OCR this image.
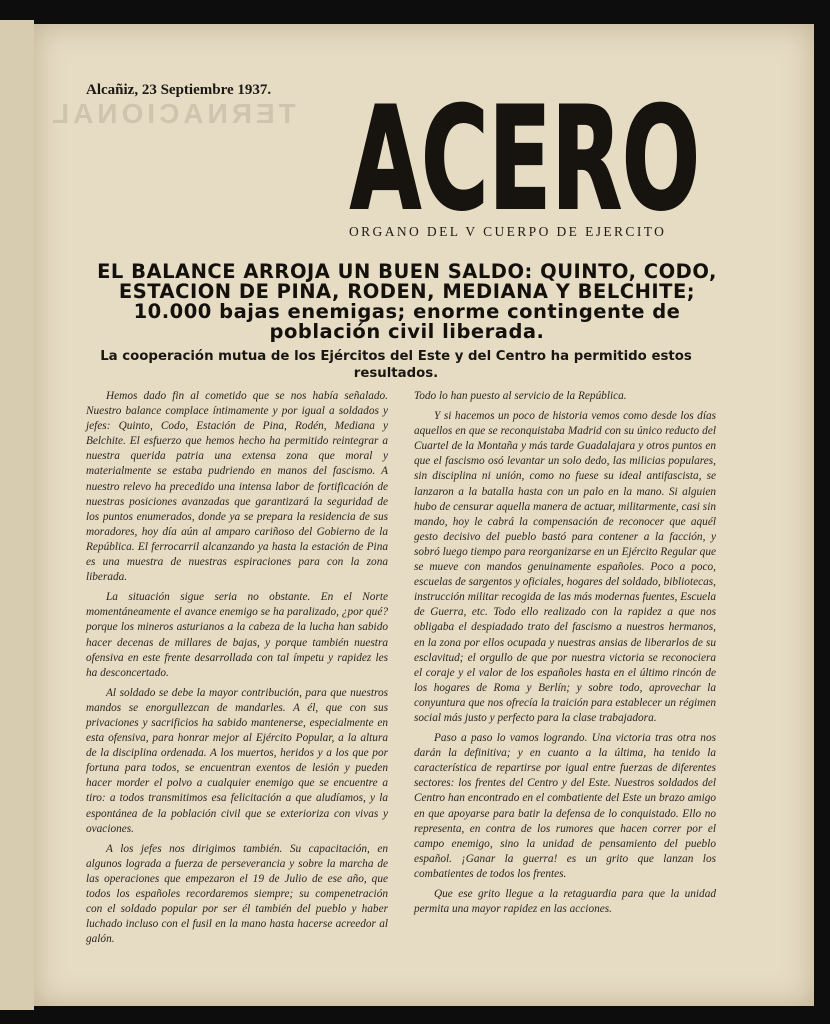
TERNACIONAL
Alcañiz, 23 Septiembre 1937. ACERO
ORGANO DEL V CUERPO DE EJERCITO
EL BALANCE ARROJA UN BUEN SALDO: QUINTO, CODO, ESTACION DE PINA, RODEN, MEDIANA Y BELCHITE; 10.000 bajas enemigas; enorme contingente de población civil liberada.
La cooperación mutua de los Ejércitos del Este y del Centro ha permitido estos resultados.

Hemos dado fin al cometido que se nos había señalado. Nuestro balance complace íntimamente y por igual a soldados y jefes: Quinto, Codo, Estación de Pina, Rodén, Mediana y Belchite. El esfuerzo que hemos hecho ha permitido reintegrar a nuestra querida patria una extensa zona que moral y materialmente se estaba pudriendo en manos del fascismo. A nuestro relevo ha precedido una intensa labor de fortificación de nuestras posiciones avanzadas que garantizará la seguridad de los puntos enumerados, donde ya se prepara la residencia de sus moradores, hoy día aún al amparo cariñoso del Gobierno de la República. El ferrocarril alcanzando ya hasta la estación de Pina es una muestra de nuestras espiraciones para con la zona liberada.

La situación sigue seria no obstante. En el Norte momentáneamente el avance enemigo se ha paralizado, ¿por qué? porque los mineros asturianos a la cabeza de la lucha han sabido hacer decenas de millares de bajas, y porque también nuestra ofensiva en este frente desarrollada con tal ímpetu y rapidez les ha desconcertado.

Al soldado se debe la mayor contribución, para que nuestros mandos se enorgullezcan de mandarles. A él, que con sus privaciones y sacrificios ha sabido mantenerse, especialmente en esta ofensiva, para honrar mejor al Ejército Popular, a la altura de la disciplina ordenada. A los muertos, heridos y a los que por fortuna para todos, se encuentran exentos de lesión y pueden hacer morder el polvo a cualquier enemigo que se encuentre a tiro: a todos transmitimos esa felicitación a que aludíamos, y la espontánea de la población civil que se exterioriza con vivas y ovaciones.

A los jefes nos dirigimos también. Su capacitación, en algunos lograda a fuerza de perseverancia y sobre la marcha de las operaciones que empezaron el 19 de Julio de ese año, que todos los españoles recordaremos siempre; su compenetración con el soldado popular por ser él también del pueblo y haber luchado incluso con el fusil en la mano hasta hacerse acreedor al galón.

Todo lo han puesto al servicio de la República.

Y si hacemos un poco de historia vemos como desde los días aquellos en que se reconquistaba Madrid con su único reducto del Cuartel de la Montaña y más tarde Guadalajara y otros puntos en que el fascismo osó levantar un solo dedo, las milicias populares, sin disciplina ni unión, como no fuese su ideal antifascista, se lanzaron a la batalla hasta con un palo en la mano. Si alguien hubo de censurar aquella manera de actuar, militarmente, casi sin mando, hoy le cabrá la compensación de reconocer que aquél gesto decisivo del pueblo bastó para contener a la facción, y sobró luego tiempo para reorganizarse en un Ejército Regular que se mueve con mandos genuinamente españoles. Poco a poco, escuelas de sargentos y oficiales, hogares del soldado, bibliotecas, instrucción militar recogida de las más modernas fuentes, Escuela de Guerra, etc. Todo ello realizado con la rapidez a que nos obligaba el despiadado trato del fascismo a nuestros hermanos, en la zona por ellos ocupada y nuestras ansias de liberarlos de su esclavitud; el orgullo de que por nuestra victoria se reconociera el coraje y el valor de los españoles hasta en el último rincón de los hogares de Roma y Berlín; y sobre todo, aprovechar la conyuntura que nos ofrecía la traición para establecer un régimen social más justo y perfecto para la clase trabajadora.

Paso a paso lo vamos logrando. Una victoria tras otra nos darán la definitiva; y en cuanto a la última, ha tenido la característica de repartirse por igual entre fuerzas de diferentes sectores: los frentes del Centro y del Este. Nuestros soldados del Centro han encontrado en el combatiente del Este un brazo amigo en que apoyarse para batir la defensa de lo conquistado. Ello no representa, en contra de los rumores que hacen correr por el campo enemigo, sino la unidad de pensamiento del pueblo español. ¡Ganar la guerra! es un grito que lanzan los combatientes de todos los frentes.

Que ese grito llegue a la retaguardia para que la unidad permita una mayor rapidez en las acciones.
